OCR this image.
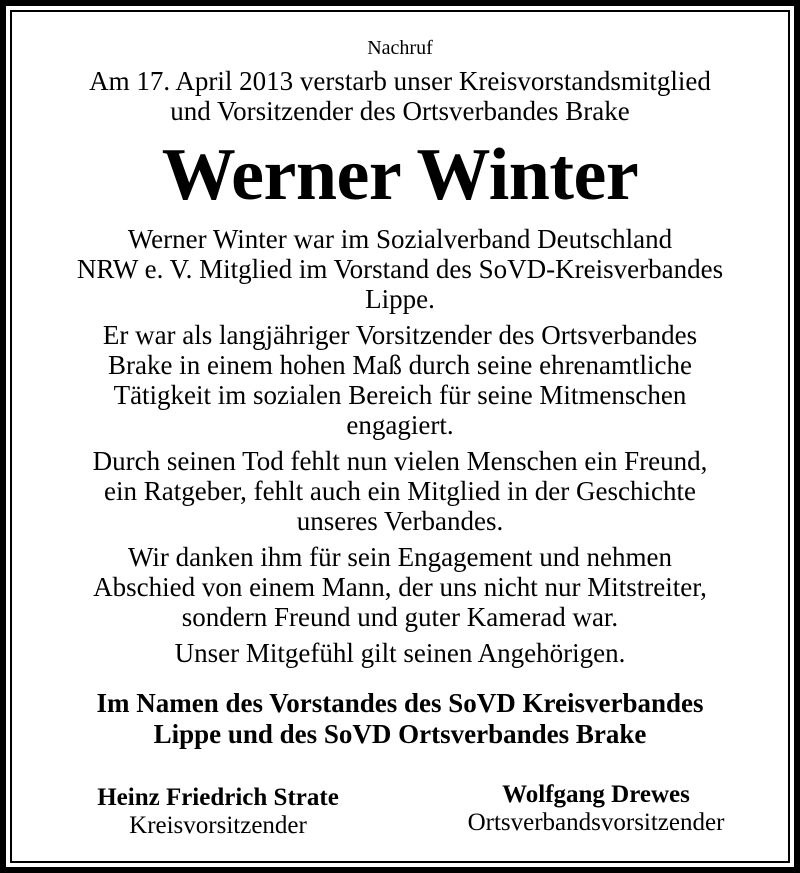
Nachruf
Am 17. April 2013 verstarb unser Kreisvorstandsmitglied
und Vorsitzender des Ortsverbandes Brake
Werner Winter
Werner Winter war im Sozialverband Deutschland
NRW e. V. Mitglied im Vorstand des SoVD-Kreisverbandes
Lippe.
Er war als langjähriger Vorsitzender des Ortsverbandes
Brake in einem hohen Maß durch seine ehrenamtliche
Tätigkeit im sozialen Bereich für seine Mitmenschen
engagiert.
Durch seinen Tod fehlt nun vielen Menschen ein Freund,
ein Ratgeber, fehlt auch ein Mitglied in der Geschichte
unseres Verbandes.
Wir danken ihm für sein Engagement und nehmen
Abschied von einem Mann, der uns nicht nur Mitstreiter,
sondern Freund und guter Kamerad war.
Unser Mitgefühl gilt seinen Angehörigen.
Im Namen des Vorstandes des SoVD Kreisverbandes
Lippe und des SoVD Ortsverbandes Brake
Heinz Friedrich Strate
Kreisvorsitzender
Wolfgang Drewes
Ortsverbandsvorsitzender
